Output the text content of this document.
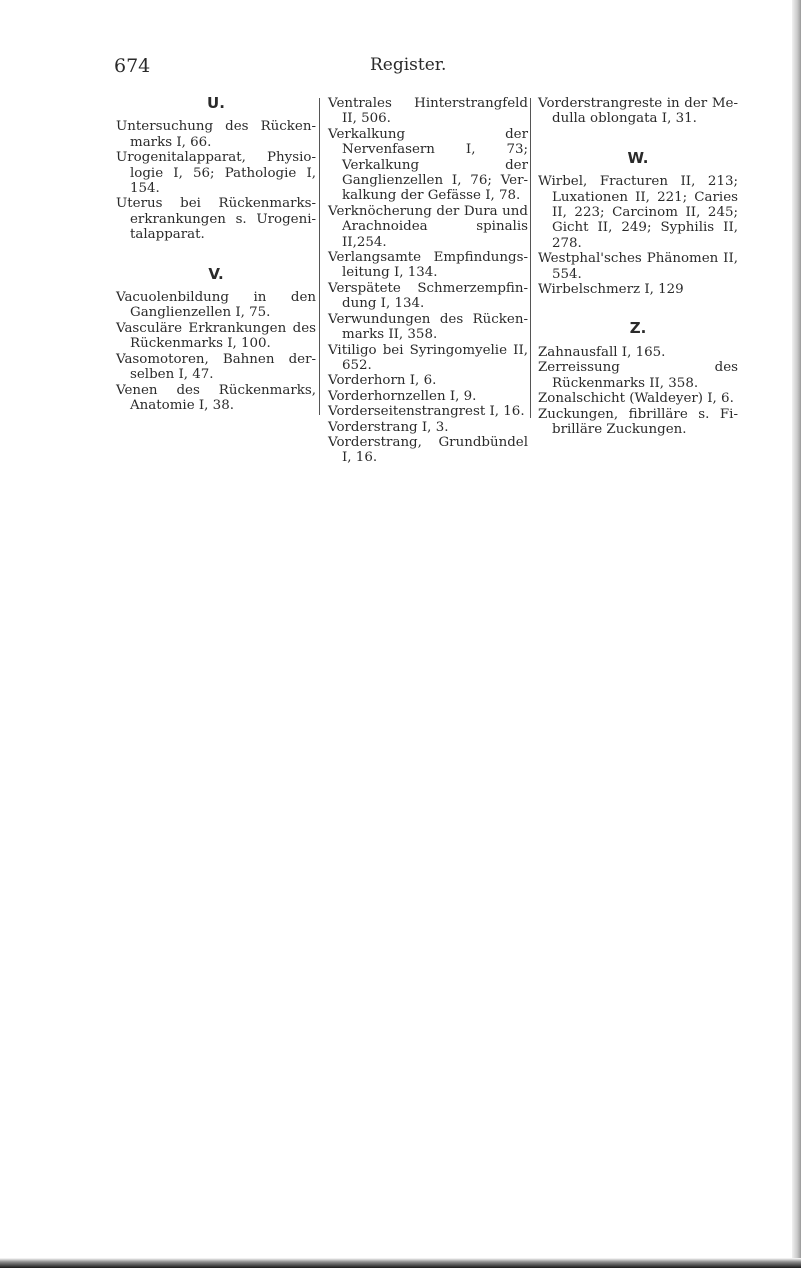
674	Register.
U.

Untersuchung des Rücken-marks I, 66.

Urogenitalapparat, Physio-logie I, 56; Pathologie I, 154.

Uterus bei Rückenmarks-erkrankungen s. Urogeni-talapparat.

V.

Vacuolenbildung in den Ganglienzellen I, 75.

Vasculäre Erkrankungen des Rückenmarks I, 100.

Vasomotoren, Bahnen der-selben I, 47.

Venen des Rückenmarks, Anatomie I, 38.

Ventrales Hinterstrangfeld II, 506.

Verkalkung der Nervenfasern I, 73; Verkalkung der Ganglienzellen I, 76; Ver-kalkung der Gefässe I, 78.

Verknöcherung der Dura und Arachnoidea spinalis II,254.

Verlangsamte Empfindungs-leitung I, 134.

Verspätete Schmerzempfin-dung I, 134.

Verwundungen des Rücken-marks II, 358.

Vitiligo bei Syringomyelie II, 652.

Vorderhorn I, 6.

Vorderhornzellen I, 9.

Vorderseitenstrangrest I, 16.

Vorderstrang I, 3.

Vorderstrang, Grundbündel I, 16.

Vorderstrangreste in der Me-dulla oblongata I, 31.

W.

Wirbel, Fracturen II, 213; Luxationen II, 221; Caries II, 223; Carcinom II, 245; Gicht II, 249; Syphilis II, 278.

Westphal'sches Phänomen II, 554.

Wirbelschmerz I, 129

Z.

Zahnausfall I, 165.

Zerreissung des Rückenmarks II, 358.

Zonalschicht (Waldeyer) I, 6.

Zuckungen, fibrilläre s. Fi-brilläre Zuckungen.
